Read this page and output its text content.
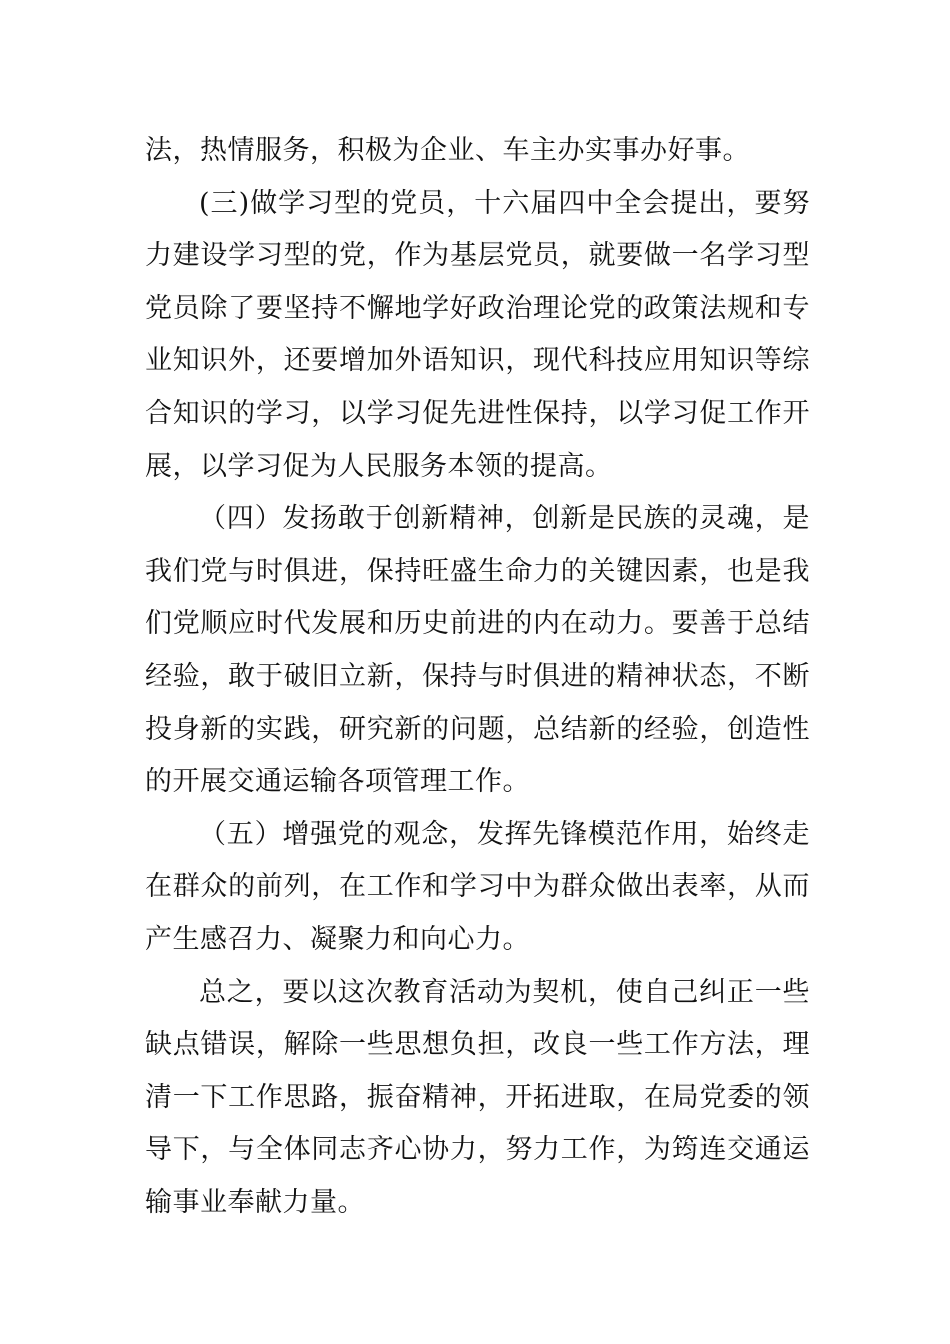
法，热情服务，积极为企业、车主办实事办好事。

(三)做学习型的党员，十六届四中全会提出，要努力建设学习型的党，作为基层党员，就要做一名学习型党员除了要坚持不懈地学好政治理论党的政策法规和专业知识外，还要增加外语知识，现代科技应用知识等综合知识的学习，以学习促先进性保持，以学习促工作开展，以学习促为人民服务本领的提高。

（四）发扬敢于创新精神，创新是民族的灵魂，是我们党与时俱进，保持旺盛生命力的关键因素，也是我们党顺应时代发展和历史前进的内在动力。要善于总结经验，敢于破旧立新，保持与时俱进的精神状态，不断投身新的实践，研究新的问题，总结新的经验，创造性的开展交通运输各项管理工作。

（五）增强党的观念，发挥先锋模范作用，始终走在群众的前列，在工作和学习中为群众做出表率，从而产生感召力、凝聚力和向心力。

总之，要以这次教育活动为契机，使自己纠正一些缺点错误，解除一些思想负担，改良一些工作方法，理清一下工作思路，振奋精神，开拓进取，在局党委的领导下，与全体同志齐心协力，努力工作，为筠连交通运输事业奉献力量。
